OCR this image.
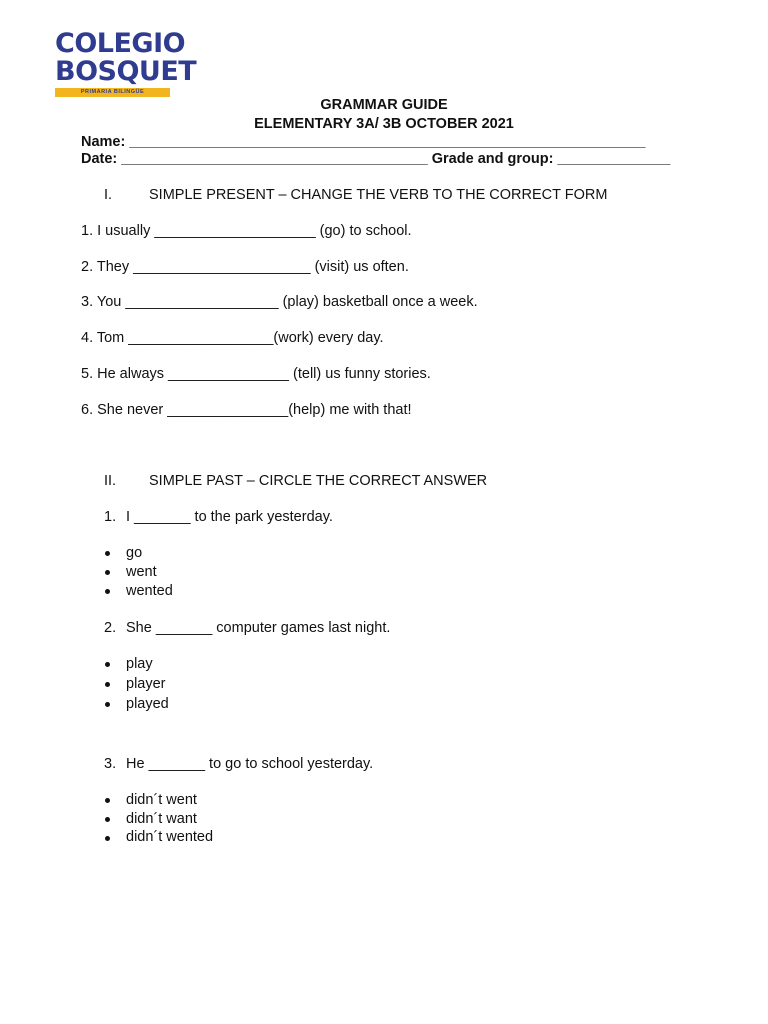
COLEGIO
BOSQUET
PRIMARIA BILINGÜE
GRAMMAR GUIDE
ELEMENTARY 3A/ 3B OCTOBER 2021
Name: ________________________________________________________________
Date: ______________________________________ Grade and group: ______________
I.	SIMPLE PRESENT – CHANGE THE VERB TO THE CORRECT FORM
1. I usually ____________________ (go) to school.
2. They ______________________ (visit) us often.
3. You ___________________ (play) basketball once a week.
4. Tom __________________(work) every day.
5. He always _______________ (tell) us funny stories.
6. She never _______________(help) me with that!
II. SIMPLE PAST – CIRCLE THE CORRECT ANSWER
1. I _______ to the park yesterday.
go
went
wented
2. She _______ computer games last night.
play
player
played
3. He _______ to go to school yesterday.
didn´t went
didn´t want
didn´t wented
